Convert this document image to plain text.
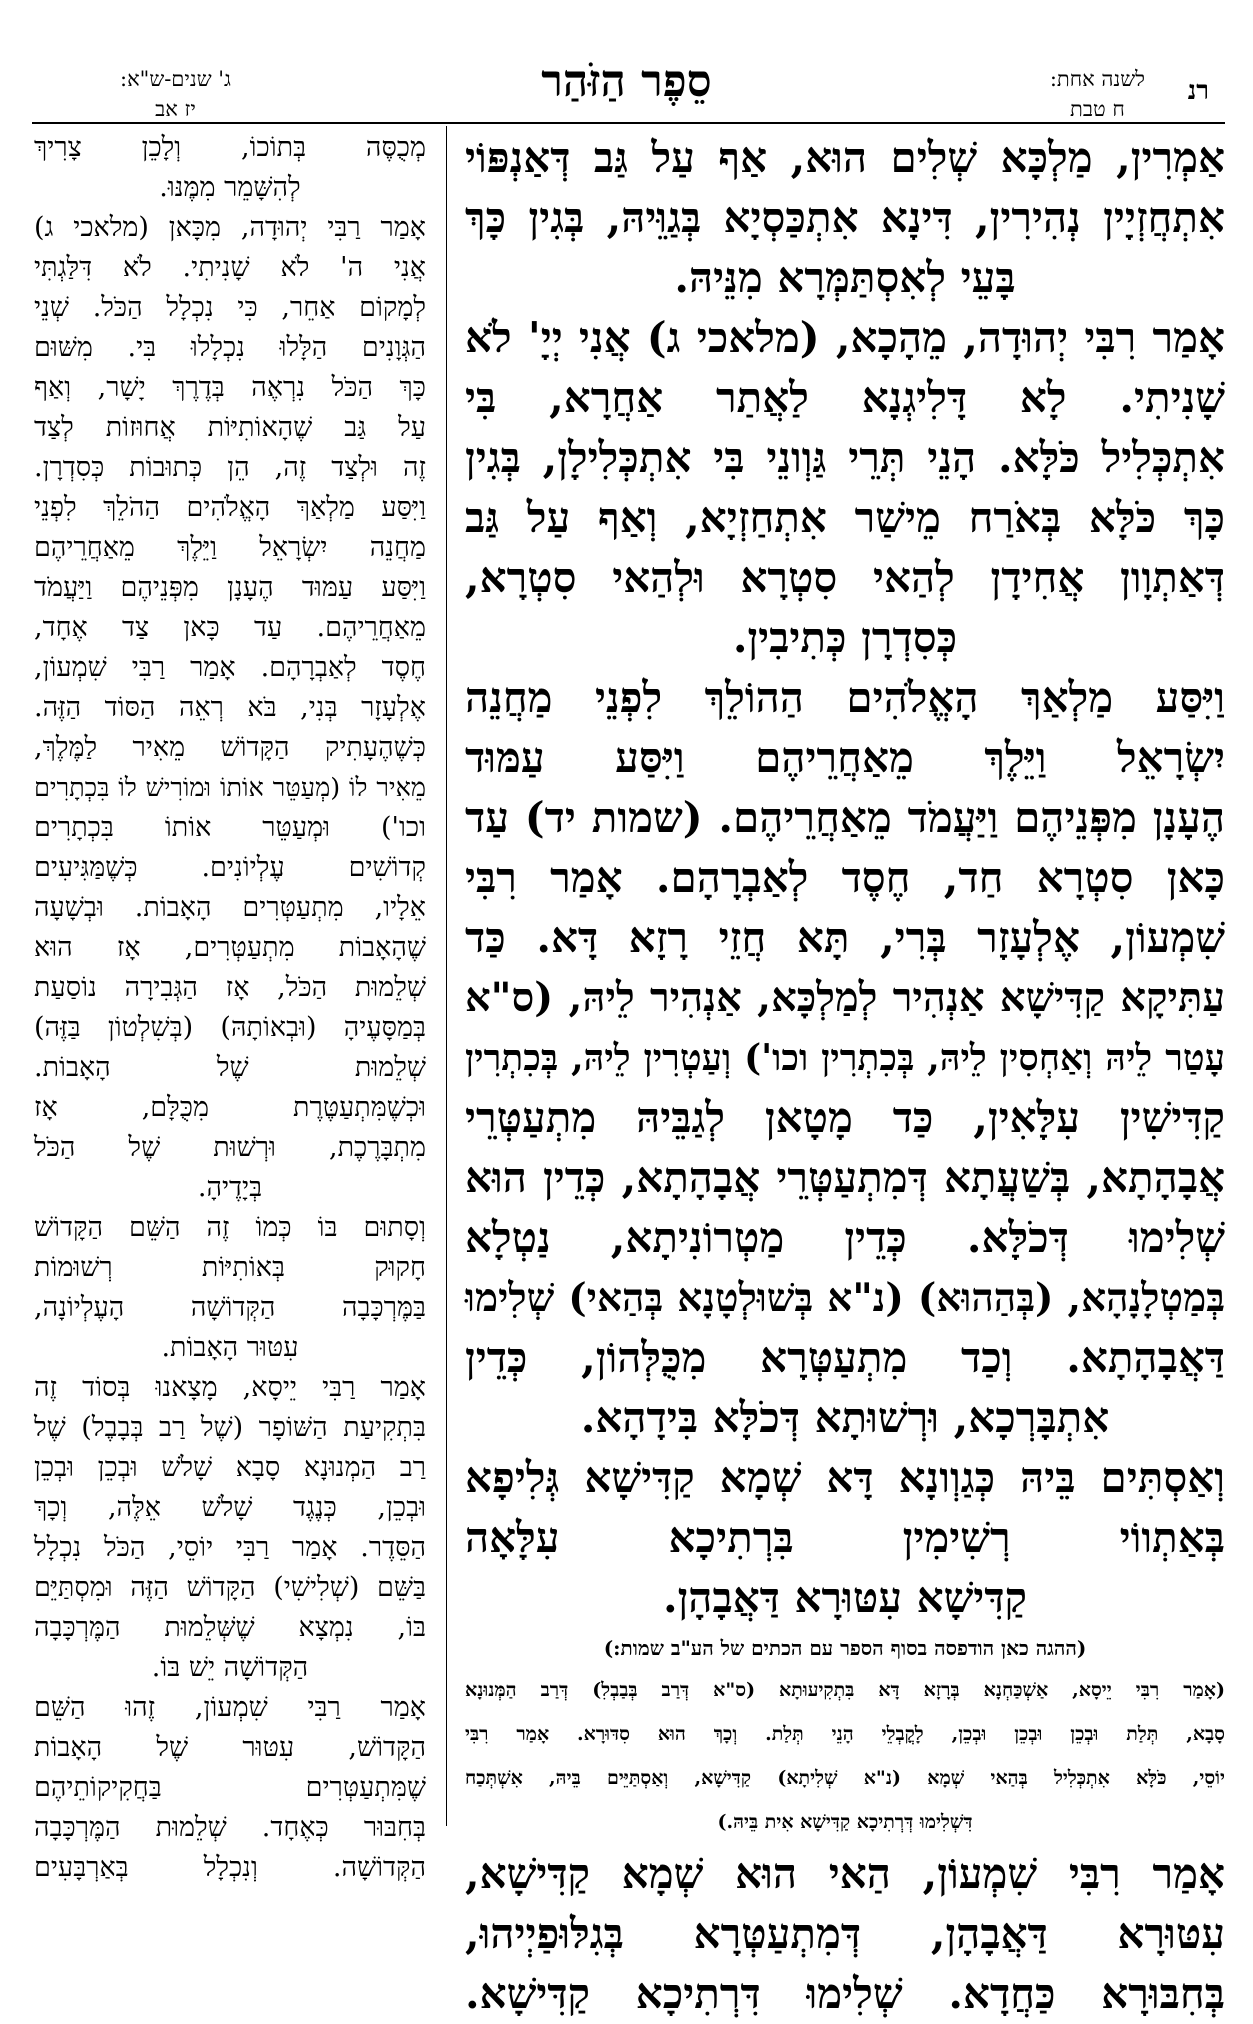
רנ
לשנה אחת:
ח טבת
סֵפֶר הַזֹּהַר
ג' שנים-ש"א:
יז אב
אַמְרִין, מַלְכָּא שְׁלִים הוּא, אַף עַל גַּב דְּאַנְפּוֹי
אִתְחֲזְיָין נְהִירִין, דִּינָא אִתְכַּסְיָא בְּגַוֵּיהּ, בְּגִין כָּךְ
בָּעֵי לְאִסְתַּמְּרָא מִנֵּיהּ.
אָמַר רִבִּי יְהוּדָה, מֵהָכָא, (מלאכי ג) אֲנִי יְיָ' לֹא
שָׁנִיתִי. לָא דָּלִיגְנָא לַאֲתַר אַחֲרָא, בִּי
אִתְכְּלִיל כֹּלָּא. הָנֵי תְּרֵי גַּוְונֵי בִּי אִתְכְּלִילָן, בְּגִין
כָּךְ כֹּלָּא בְּאֹרַח מֵישַׁר אִתְחַזְיָא, וְאַף עַל גַּב
דְּאַתְוָון אֲחִידָן לְהַאי סִטְרָא וּלְהַאי סִטְרָא,
כְּסִדְרָן כְּתִיבִין.
וַיִּסַּע מַלְאַךְ הָאֱלֹהִים הַהוֹלֵךְ לִפְנֵי מַחֲנֵה
יִשְׂרָאֵל וַיֵּלֶךְ מֵאַחֲרֵיהֶם וַיִּסַּע עַמּוּד
הֶעָנָן מִפְּנֵיהֶם וַיַּעֲמֹד מֵאַחֲרֵיהֶם. (שמות יד) עַד
כָּאן סִטְרָא חַד, חֶסֶד לְאַבְרָהָם. אָמַר רִבִּי
שִׁמְעוֹן, אֶלְעָזָר בְּרִי, תָּא חֲזֵי רָזָא דָּא. כַּד
עַתִּיקָא קַדִּישָׁא אַנְהִיר לְמַלְכָּא, אַנְהִיר לֵיהּ, (ס"א
עָטַר לֵיהּ וְאַחְסִין לֵיהּ, בְּכִתְרִין וכו') וְעַטְרִין לֵיהּ, בְּכִתְרִין
קַדִּישִׁין עִלָּאִין, כַּד מָטָאן לְגַבֵּיהּ מִתְעַטְּרֵי
אֲבָהָתָא, בְּשַׁעֲתָא דְּמִתְעַטְּרֵי אֲבָהָתָא, כְּדֵין הוּא
שְׁלִימוּ דְּכֹלָּא. כְּדֵין מַטְרוֹנִיתָא, נַטְלָא
בְּמַטְלָנָהָא, (בְּהַהוּא) (נ"א בְּשׁוּלְטָנָא בְּהַאי) שְׁלִימוּ
דַּאֲבָהָתָא. וְכַד מִתְעַטְּרָא מִכֻּלְּהוֹן, כְּדֵין
אִתְבָּרְכָא, וּרְשׁוּתָא דְּכֹלָּא בִּידָהָא.
וְאַסְתִּים בֵּיהּ כְּגַוְונָא דָּא שְׁמָא קַדִּישָׁא גְּלִיפָא
בְּאַתְווֹי רְשִׁימִין בִּרְתִיכָא עִלָּאָה
קַדִּישָׁא עִטּוּרָא דַּאֲבָהָן.
(ההגה כאן הודפסה בסוף הספר עם הכתים של הע"ב שמות:)
(אָמַר רִבִּי יֵיסָא, אַשְׁכַּחְנָא בְּרָזָא דָּא בִּתְקִיעוּתָא (ס"א דְּרַב בְּבַבְלִ) דְּרַב הַמְּנוּנָא
סָבָא, תְּלַת וּבְכֵן וּבְכֵן וּבְכֵן, לָקֳבְלֵי הָנֵי תְּלַת. וְכָךְ הוּא סִדּוּרָא. אָמַר רִבִּי
יוֹסֵי, כֹּלָּא אִתְכְּלִיל בְּהַאי שְׁמָא (נ"א שְׁלִיתָא) קַדִּישָׁא, וְאַסְתַּיֵּים בֵּיהּ, אִשְׁתְּכַח
דִּשְׁלִימוּ דְּרְתִיכָא קַדִּישָׁא אִית בֵּיהּ.)
אָמַר רִבִּי שִׁמְעוֹן, הַאי הוּא שְׁמָא קַדִּישָׁא,
עִטּוּרָא דַּאֲבָהָן, דְּמִתְעַטְּרָא בְּגִלּוּפַיְיהוּ,
בְּחִבּוּרָא כַּחֲדָא. שְׁלִימוּ דִּרְתִיכָא קַדִּישָׁא.
מְכֻסֶּה בְּתוֹכוֹ, וְלָכֵן צָרִיךְ
לְהִשָּׁמֵר מִמֶּנּוּ.
אָמַר רַבִּי יְהוּדָה, מִכָּאן (מלאכי ג)
אֲנִי ה' לֹא שָׁנִיתִי. לֹא דִּלַּגְתִּי
לְמָקוֹם אַחֵר, כִּי נִכְלָל הַכֹּל. שְׁנֵי
הַגְּוָנִים הַלָּלוּ נִכְלָלוּ בִּי. מִשּׁוּם
כָּךְ הַכֹּל נִרְאֶה בְּדֶרֶךְ יָשָׁר, וְאַף
עַל גַּב שֶׁהָאוֹתִיּוֹת אֲחוּזוֹת לְצַד
זֶה וּלְצַד זֶה, הֵן כְּתוּבוֹת כְּסִדְרָן.
וַיִּסַּע מַלְאַךְ הָאֱלֹהִים הַהֹלֵךְ לִפְנֵי
מַחֲנֵה יִשְׂרָאֵל וַיֵּלֶךְ מֵאַחֲרֵיהֶם
וַיִּסַּע עַמּוּד הֶעָנָן מִפְּנֵיהֶם וַיַּעֲמֹד
מֵאַחֲרֵיהֶם. עַד כָּאן צַד אֶחָד,
חֶסֶד לְאַבְרָהָם. אָמַר רַבִּי שִׁמְעוֹן,
אֶלְעָזָר בְּנִי, בֹּא רְאֵה הַסּוֹד הַזֶּה.
כְּשֶׁהֶעָתִיק הַקָּדוֹשׁ מֵאִיר לַמֶּלֶךְ,
מֵאִיר לוֹ (מְעַטֵּר אוֹתוֹ וּמוֹרִישׁ לוֹ בִּכְתָרִים
וכו') וּמְעַטֵּר אוֹתוֹ בִּכְתָרִים
קְדוֹשִׁים עֶלְיוֹנִים. כְּשֶׁמַּגִּיעִים
אֵלָיו, מִתְעַטְּרִים הָאָבוֹת. וּבְשָׁעָה
שֶׁהָאָבוֹת מִתְעַטְּרִים, אָז הוּא
שְׁלֵמוּת הַכֹּל, אָז הַגְּבִירָה נוֹסַעַת
בְּמַסָּעֶיהָ (וּבְאוֹתָהּ) (בְּשִׁלְטוֹן בַּזֶּה)
שְׁלֵמוּת שֶׁל הָאָבוֹת.
וּכְשֶׁמִּתְעַטֶּרֶת מִכֻּלָּם, אָז
מִתְבָּרֶכֶת, וּרְשׁוּת שֶׁל הַכֹּל
בְּיָדֶיהָ.
וְסָתוּם בּוֹ כְּמוֹ זֶה הַשֵּׁם הַקָּדוֹשׁ
חָקוּק בְּאוֹתִיּוֹת רְשׁוּמוֹת
בַּמֶּרְכָּבָה הַקְּדוֹשָׁה הָעֶלְיוֹנָה,
עִטּוּר הָאָבוֹת.
אָמַר רַבִּי יֵיסָא, מָצָאנוּ בְּסוֹד זֶה
בִּתְקִיעַת הַשּׁוֹפָר (שֶׁל רַב בְּבָבֶל) שֶׁל
רַב הַמְנוּנָא סָבָא שָׁלֹשׁ וּבְכֵן וּבְכֵן
וּבְכֵן, כְּנֶגֶד שָׁלֹשׁ אֵלֶּה, וְכָךְ
הַסֵּדֶר. אָמַר רַבִּי יוֹסֵי, הַכֹּל נִכְלָל
בַּשֵּׁם (שְׁלִישִׁי) הַקָּדוֹשׁ הַזֶּה וּמִסְתַּיֵּם
בּוֹ, נִמְצָא שֶׁשְּׁלֵמוּת הַמֶּרְכָּבָה
הַקְּדוֹשָׁה יֵשׁ בּוֹ.
אָמַר רַבִּי שִׁמְעוֹן, זֶהוּ הַשֵּׁם
הַקָּדוֹשׁ, עִטּוּר שֶׁל הָאָבוֹת
שֶׁמִּתְעַטְּרִים בַּחֲקִיקוֹתֵיהֶם
בְּחִבּוּר כְּאֶחָד. שְׁלֵמוּת הַמֶּרְכָּבָה
הַקְּדוֹשָׁה. וְנִכְלָל בְּאַרְבָּעִים
